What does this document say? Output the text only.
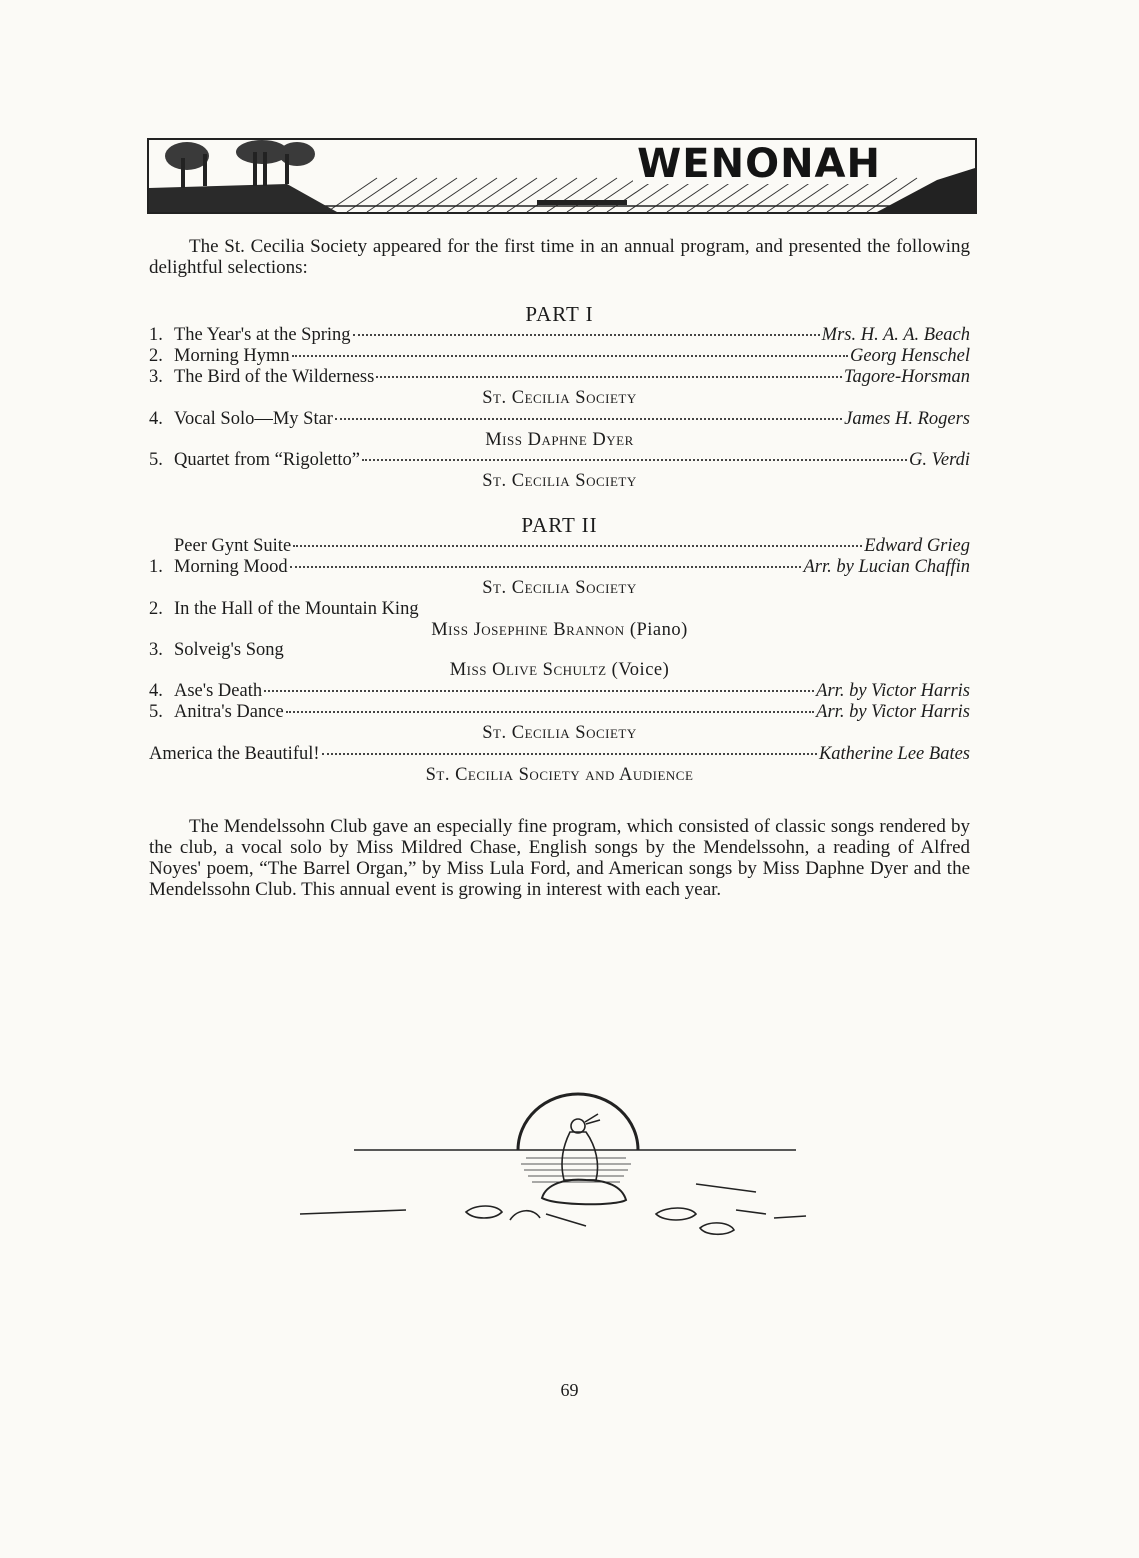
WENONAH
The St. Cecilia Society appeared for the first time in an annual program, and presented the following delightful selections:
PART I
1. The Year's at the Spring	Mrs. H. A. A. Beach
2. Morning Hymn	Georg Henschel
3. The Bird of the Wilderness	Tagore-Horsman
St. Cecilia Society
4. Vocal Solo—My Star	James H. Rogers
Miss Daphne Dyer
5. Quartet from “Rigoletto”	G. Verdi
St. Cecilia Society
PART II
Peer Gynt Suite	Edward Grieg
1. Morning Mood	Arr. by Lucian Chaffin
St. Cecilia Society
2. In the Hall of the Mountain King
Miss Josephine Brannon (Piano)
3. Solveig's Song
Miss Olive Schultz (Voice)
4. Ase's Death	Arr. by Victor Harris
5. Anitra's Dance	Arr. by Victor Harris
St. Cecilia Society
America the Beautiful!	Katherine Lee Bates
St. Cecilia Society and Audience
The Mendelssohn Club gave an especially fine program, which consisted of classic songs rendered by the club, a vocal solo by Miss Mildred Chase, English songs by the Mendelssohn, a reading of Alfred Noyes' poem, “The Barrel Organ,” by Miss Lula Ford, and American songs by Miss Daphne Dyer and the Mendelssohn Club. This annual event is growing in interest with each year.
69
